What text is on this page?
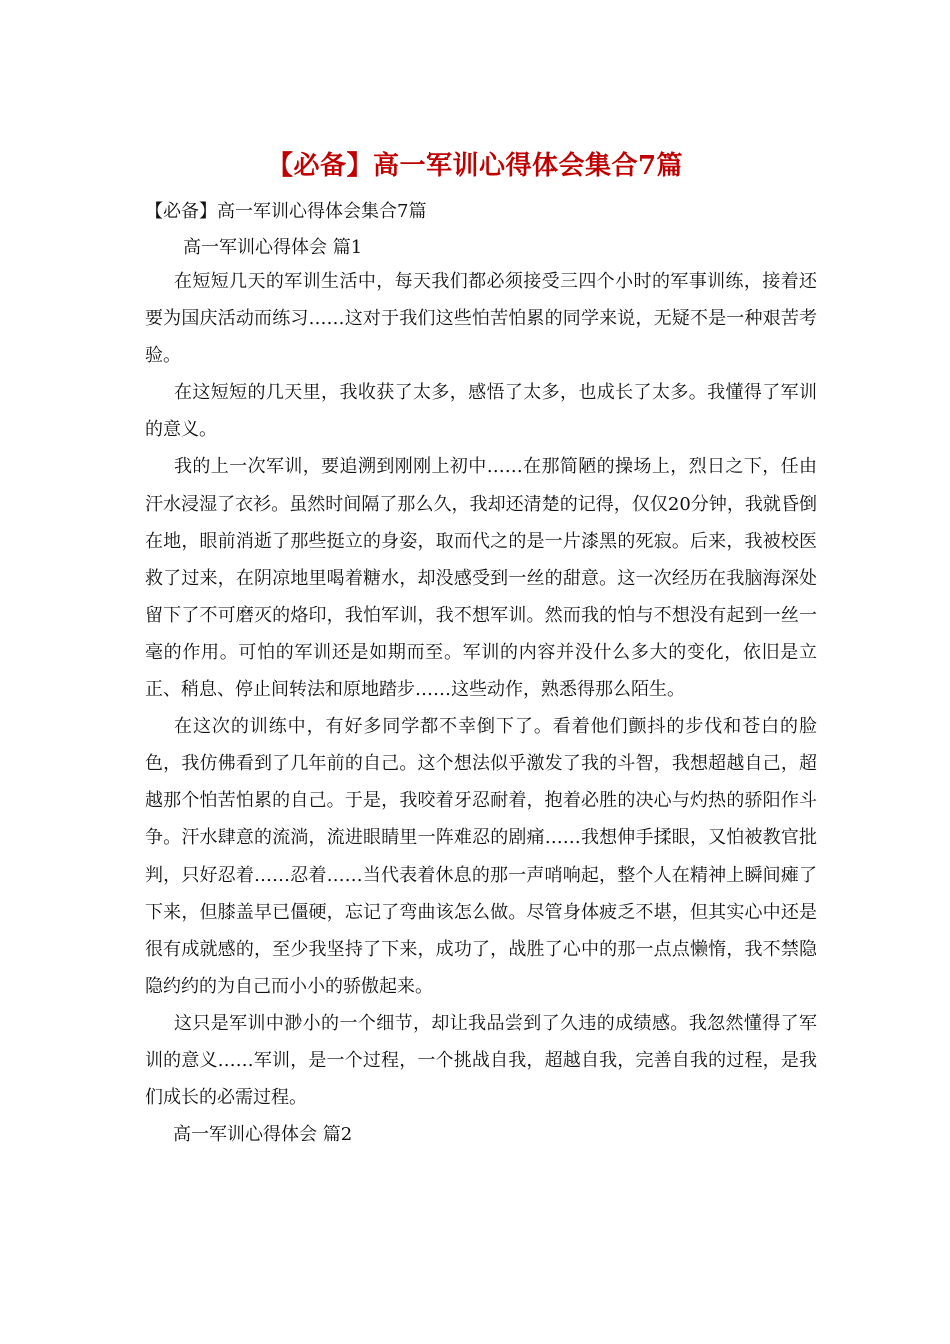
【必备】高一军训心得体会集合7篇
【必备】高一军训心得体会集合7篇
高一军训心得体会 篇1

在短短几天的军训生活中，每天我们都必须接受三四个小时的军事训练，接着还要为国庆活动而练习……这对于我们这些怕苦怕累的同学来说，无疑不是一种艰苦考验。

在这短短的几天里，我收获了太多，感悟了太多，也成长了太多。我懂得了军训的意义。

我的上一次军训，要追溯到刚刚上初中……在那简陋的操场上，烈日之下，任由汗水浸湿了衣衫。虽然时间隔了那么久，我却还清楚的记得，仅仅20分钟，我就昏倒在地，眼前消逝了那些挺立的身姿，取而代之的是一片漆黑的死寂。后来，我被校医救了过来，在阴凉地里喝着糖水，却没感受到一丝的甜意。这一次经历在我脑海深处留下了不可磨灭的烙印，我怕军训，我不想军训。然而我的怕与不想没有起到一丝一毫的作用。可怕的军训还是如期而至。军训的内容并没什么多大的变化，依旧是立正、稍息、停止间转法和原地踏步……这些动作，熟悉得那么陌生。

在这次的训练中，有好多同学都不幸倒下了。看着他们颤抖的步伐和苍白的脸色，我仿佛看到了几年前的自己。这个想法似乎激发了我的斗智，我想超越自己，超越那个怕苦怕累的自己。于是，我咬着牙忍耐着，抱着必胜的决心与灼热的骄阳作斗争。汗水肆意的流淌，流进眼睛里一阵难忍的剧痛……我想伸手揉眼，又怕被教官批判，只好忍着……忍着……当代表着休息的那一声哨响起，整个人在精神上瞬间瘫了下来，但膝盖早已僵硬，忘记了弯曲该怎么做。尽管身体疲乏不堪，但其实心中还是很有成就感的，至少我坚持了下来，成功了，战胜了心中的那一点点懒惰，我不禁隐隐约约的为自己而小小的骄傲起来。

这只是军训中渺小的一个细节，却让我品尝到了久违的成绩感。我忽然懂得了军训的意义……军训，是一个过程，一个挑战自我，超越自我，完善自我的过程，是我们成长的必需过程。

高一军训心得体会 篇2
